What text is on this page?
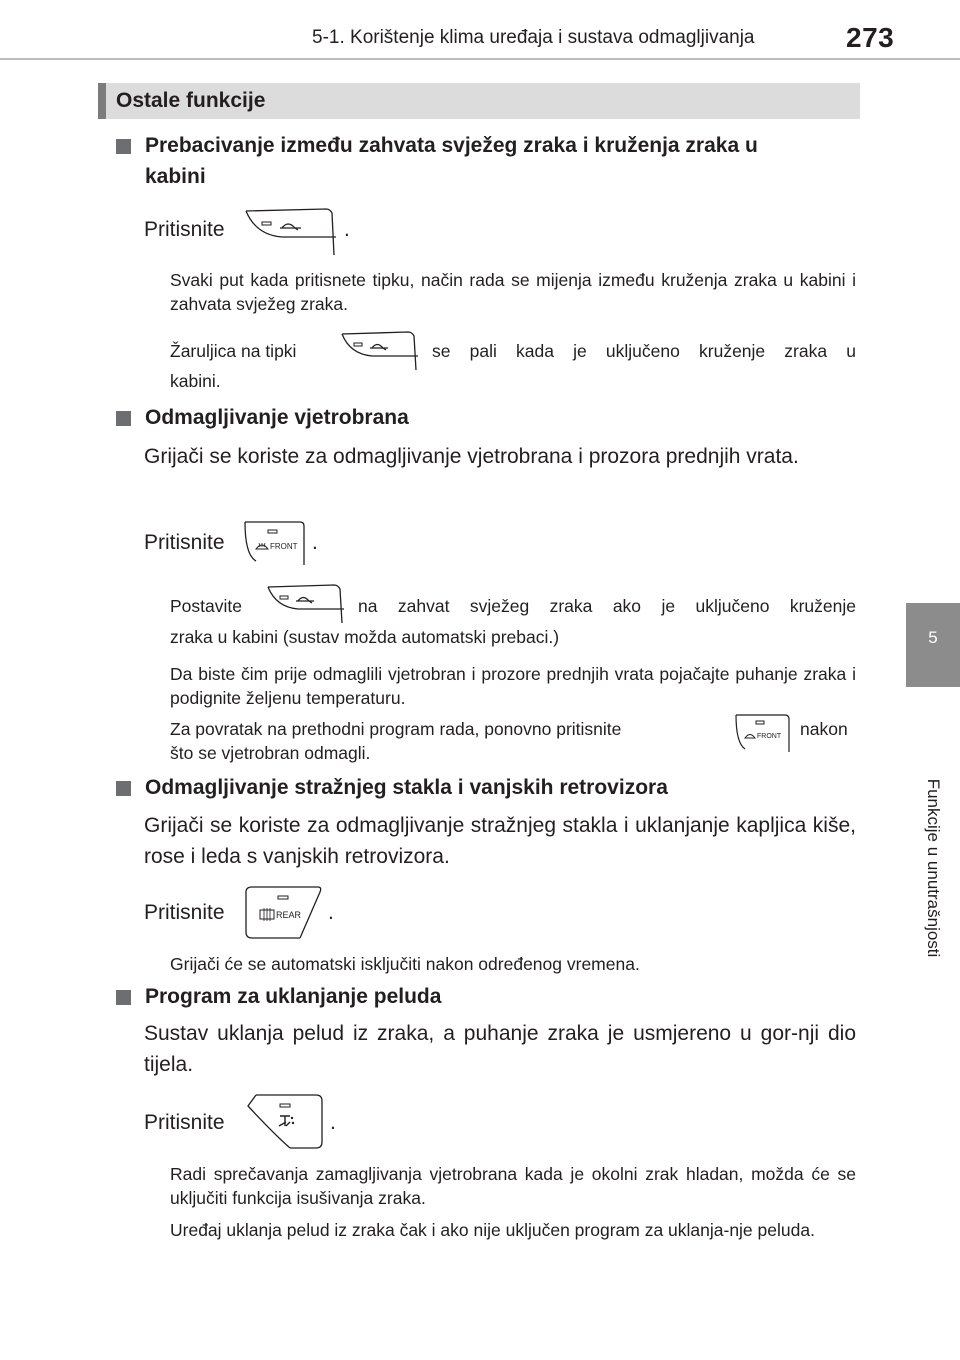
5-1. Korištenje klima uređaja i sustava odmagljivanja	273
5
Funkcije u unutrašnjosti
Ostale funkcije
Prebacivanje između zahvata svježeg zraka i kruženja zraka u
kabini
Pritisnite	.
Svaki put kada pritisnete tipku, način rada se mijenja između kruženja zraka u kabini i zahvata svježeg zraka.
Žaruljica na tipki	se pali kada je uključeno kruženje zraka u
kabini.
Odmagljivanje vjetrobrana
Grijači se koriste za odmagljivanje vjetrobrana i prozora prednjih vrata.
Pritisnite	FRONT .
Postavite	na zahvat svježeg zraka ako je uključeno kruženje
zraka u kabini (sustav možda automatski prebaci.)
Da biste čim prije odmaglili vjetrobran i prozore prednjih vrata pojačajte puhanje zraka i podignite željenu temperaturu.
Za povratak na prethodni program rada, ponovno pritisnite	FRONT nakon
što se vjetrobran odmagli.
Odmagljivanje stražnjeg stakla i vanjskih retrovizora
Grijači se koriste za odmagljivanje stražnjeg stakla i uklanjanje kapljica kiše, rose i leda s vanjskih retrovizora.
Pritisnite	REAR .
Grijači će se automatski isključiti nakon određenog vremena.
Program za uklanjanje peluda
Sustav uklanja pelud iz zraka, a puhanje zraka je usmjereno u gor-nji dio tijela.
Pritisnite	.
Radi sprečavanja zamagljivanja vjetrobrana kada je okolni zrak hladan, možda će se uključiti funkcija isušivanja zraka.
Uređaj uklanja pelud iz zraka čak i ako nije uključen program za uklanja-nje peluda.
